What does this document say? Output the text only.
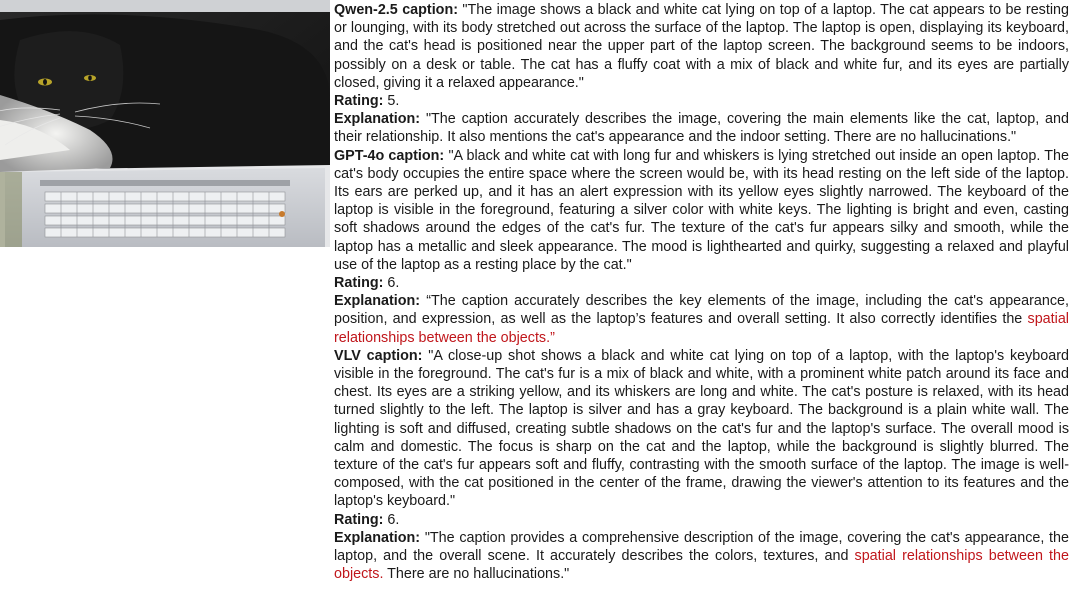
Qwen-2.5 caption: "The image shows a black and white cat lying on top of a laptop. The cat appears to be resting or lounging, with its body stretched out across the surface of the laptop. The laptop is open, displaying its keyboard, and the cat's head is positioned near the upper part of the laptop screen. The background seems to be indoors, possibly on a desk or table. The cat has a fluffy coat with a mix of black and white fur, and its eyes are partially closed, giving it a relaxed appearance."

Rating: 5.

Explanation: "The caption accurately describes the image, covering the main elements like the cat, laptop, and their relationship. It also mentions the cat's appearance and the indoor setting. There are no hallucinations."

GPT-4o caption: "A black and white cat with long fur and whiskers is lying stretched out inside an open laptop. The cat's body occupies the entire space where the screen would be, with its head resting on the left side of the laptop. Its ears are perked up, and it has an alert expression with its yellow eyes slightly narrowed. The keyboard of the laptop is visible in the foreground, featuring a silver color with white keys. The lighting is bright and even, casting soft shadows around the edges of the cat's fur. The texture of the cat's fur appears silky and smooth, while the laptop has a metallic and sleek appearance. The mood is lighthearted and quirky, suggesting a relaxed and playful use of the laptop as a resting place by the cat."

Rating: 6.

Explanation: “The caption accurately describes the key elements of the image, including the cat's appearance, position, and expression, as well as the laptop’s features and overall setting. It also correctly identifies the spatial relationships between the objects.”

VLV caption: "A close-up shot shows a black and white cat lying on top of a laptop, with the laptop's keyboard visible in the foreground. The cat's fur is a mix of black and white, with a prominent white patch around its face and chest. Its eyes are a striking yellow, and its whiskers are long and white. The cat's posture is relaxed, with its head turned slightly to the left. The laptop is silver and has a gray keyboard. The background is a plain white wall. The lighting is soft and diffused, creating subtle shadows on the cat's fur and the laptop's surface. The overall mood is calm and domestic. The focus is sharp on the cat and the laptop, while the background is slightly blurred. The texture of the cat's fur appears soft and fluffy, contrasting with the smooth surface of the laptop. The image is well-composed, with the cat positioned in the center of the frame, drawing the viewer's attention to its features and the laptop's keyboard."

Rating: 6.

Explanation: "The caption provides a comprehensive description of the image, covering the cat's appearance, the laptop, and the overall scene. It accurately describes the colors, textures, and spatial relationships between the objects. There are no hallucinations."
